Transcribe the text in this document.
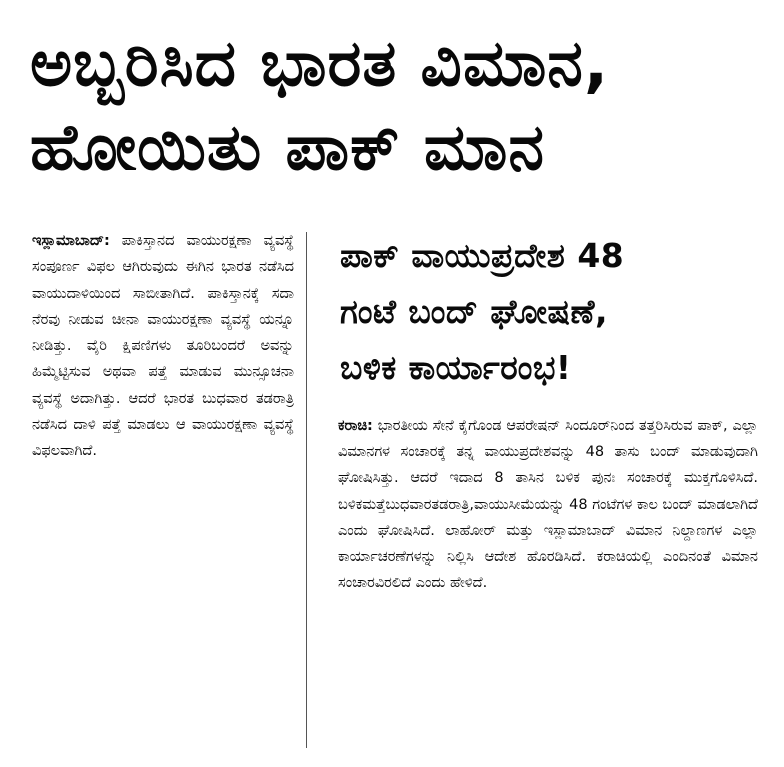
ಅಬ್ಬರಿಸಿದ ಭಾರತ ವಿಮಾನ,
ಹೋಯಿತು ಪಾಕ್ ಮಾನ

ಇಸ್ಲಾಮಾಬಾದ್: ಪಾಕಿಸ್ತಾನದ ವಾಯುರಕ್ಷಣಾ ವ್ಯವಸ್ಥೆ ಸಂಪೂರ್ಣ ವಿಫಲ ಆಗಿರುವುದು ಈಗಿನ ಭಾರತ ನಡೆಸಿದ ವಾಯುದಾಳಿಯಿಂದ ಸಾಬೀತಾಗಿದೆ. ಪಾಕಿಸ್ತಾನಕ್ಕೆ ಸದಾ ನೆರವು ನೀಡುವ ಚೀನಾ ವಾಯುರಕ್ಷಣಾ ವ್ಯವಸ್ಥೆ ಯನ್ನೂ ನೀಡಿತ್ತು. ವೈರಿ ಕ್ಷಿಪಣಿಗಳು ತೂರಿಬಂದರೆ ಅವನ್ನು ಹಿಮ್ಮೆಟ್ಟಿಸುವ ಅಥವಾ ಪತ್ತೆ ಮಾಡುವ ಮುನ್ಸೂಚನಾ ವ್ಯವಸ್ಥೆ ಅದಾಗಿತ್ತು. ಆದರೆ ಭಾರತ ಬುಧವಾರ ತಡರಾತ್ರಿ ನಡೆಸಿದ ದಾಳಿ ಪತ್ತೆ ಮಾಡಲು ಆ ವಾಯುರಕ್ಷಣಾ ವ್ಯವಸ್ಥೆ

ವಿಫಲವಾಗಿದೆ.

ಪಾಕ್ ವಾಯುಪ್ರದೇಶ 48
ಗಂಟೆ ಬಂದ್ ಘೋಷಣೆ,
ಬಳಿಕ ಕಾರ್ಯಾರಂಭ!

ಕರಾಚಿ: ಭಾರತೀಯ ಸೇನೆ ಕೈಗೊಂಡ ಆಪರೇಷನ್ ಸಿಂದೂರ್‌ನಿಂದ ತತ್ತರಿಸಿರುವ ಪಾಕ್, ಎಲ್ಲಾ ವಿಮಾನಗಳ ಸಂಚಾರಕ್ಕೆ ತನ್ನ ವಾಯುಪ್ರದೇಶವನ್ನು 48 ತಾಸು ಬಂದ್ ಮಾಡುವುದಾಗಿ ಘೋಷಿಸಿತ್ತು. ಆದರೆ ಇದಾದ 8 ತಾಸಿನ ಬಳಿಕ ಪುನಃ ಸಂಚಾರಕ್ಕೆ ಮುಕ್ತಗೊಳಿಸಿದೆ. ಬಳಿಕಮತ್ತೆಬುಧವಾರತಡರಾತ್ರಿ,ವಾಯುಸೀಮೆಯನ್ನು 48 ಗಂಟೆಗಳ ಕಾಲ ಬಂದ್ ಮಾಡಲಾಗಿದೆ ಎಂದು ಘೋಷಿಸಿದೆ. ಲಾಹೋರ್ ಮತ್ತು ಇಸ್ಲಾಮಾಬಾದ್ ವಿಮಾನ ನಿಲ್ದಾಣಗಳ ಎಲ್ಲಾ ಕಾರ್ಯಾಚರಣೆಗಳನ್ನು ನಿಲ್ಲಿಸಿ ಆದೇಶ ಹೊರಡಿಸಿದೆ. ಕರಾಚಿಯಲ್ಲಿ ಎಂದಿನಂತೆ ವಿಮಾನ ಸಂಚಾರವಿರಲಿದೆ ಎಂದು ಹೇಳಿದೆ.
